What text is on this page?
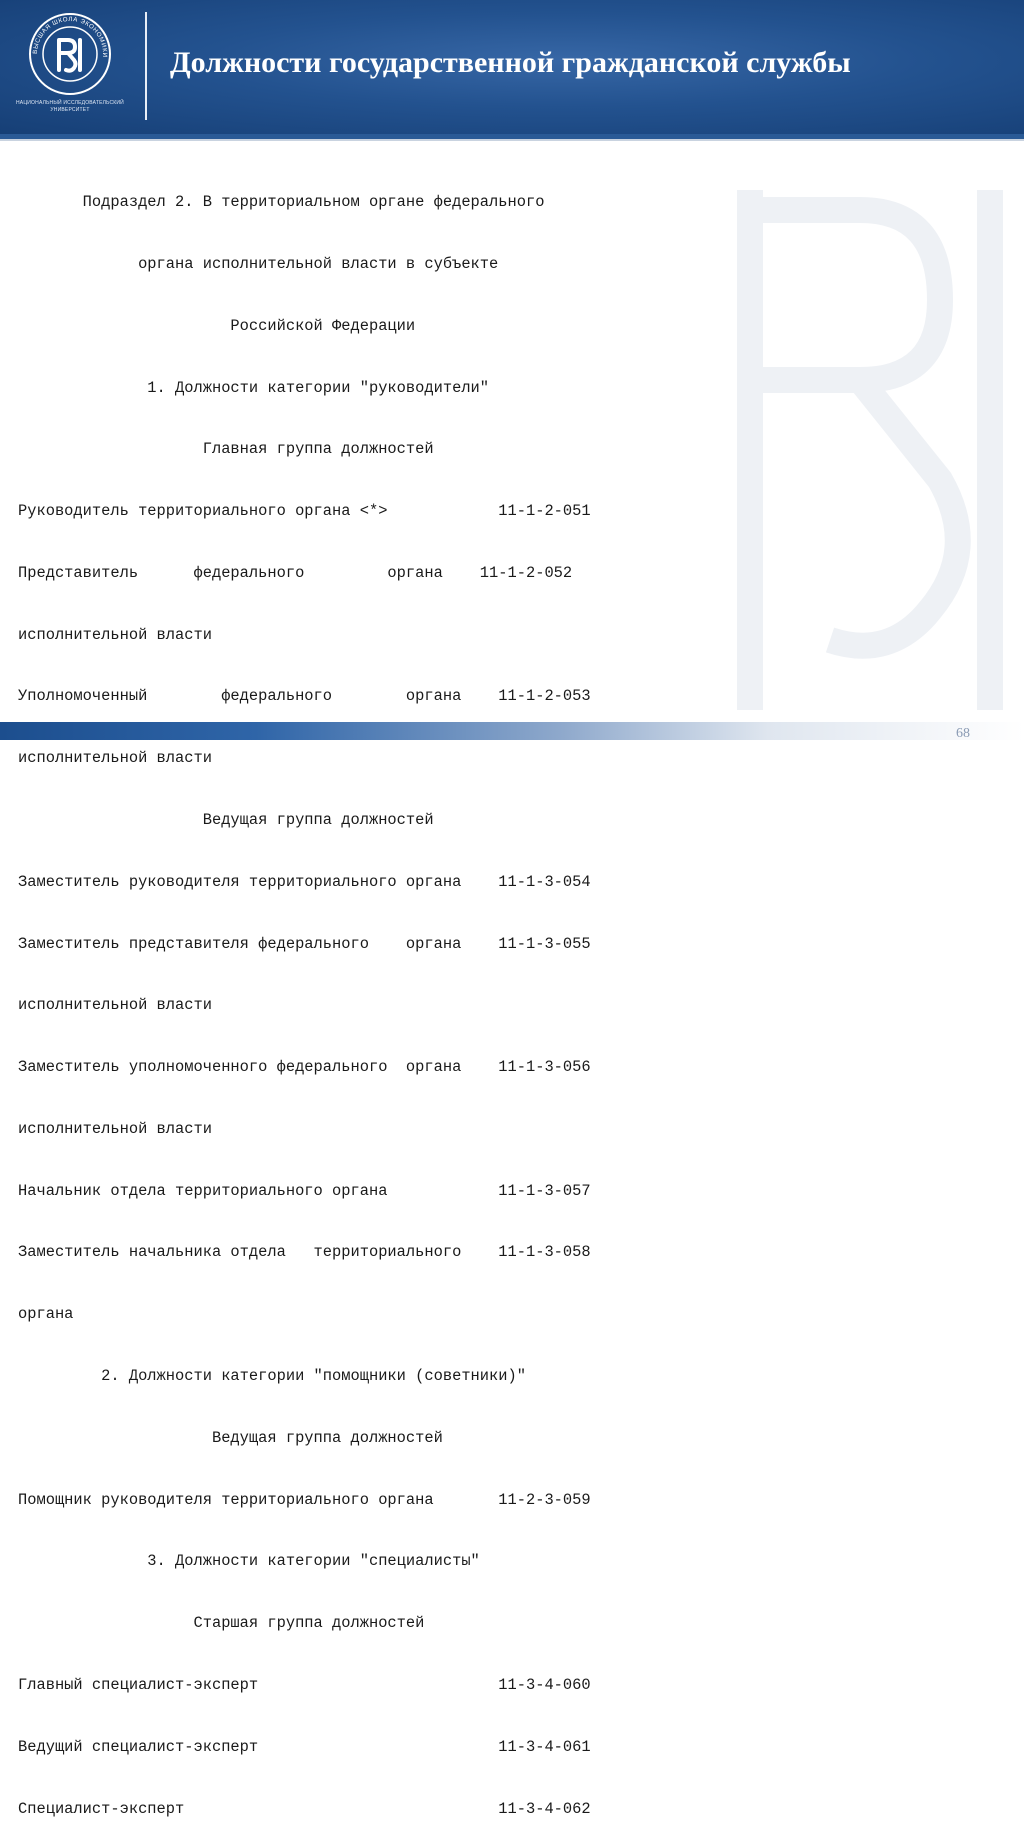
ВЫСШАЯ ШКОЛА ЭКОНОМИКИ
НАЦИОНАЛЬНЫЙ ИССЛЕДОВАТЕЛЬСКИЙ
УНИВЕРСИТЕТ
Должности государственной гражданской службы

Подраздел 2. В территориальном органе федерального

органа исполнительной власти в субъекте

Российской Федерации

1. Должности категории "руководители"

Главная группа должностей

Руководитель территориального органа <*>            11-1-2-051

Представитель      федерального         органа    11-1-2-052

исполнительной власти

Уполномоченный        федерального        органа    11-1-2-053

исполнительной власти

Ведущая группа должностей

Заместитель руководителя территориального органа    11-1-3-054

Заместитель представителя федерального    органа    11-1-3-055

исполнительной власти

Заместитель уполномоченного федерального  органа    11-1-3-056

исполнительной власти

Начальник отдела территориального органа            11-1-3-057

Заместитель начальника отдела   территориального    11-1-3-058

органа

2. Должности категории "помощники (советники)"

Ведущая группа должностей

Помощник руководителя территориального органа       11-2-3-059

3. Должности категории "специалисты"

Старшая группа должностей

Главный специалист-эксперт                          11-3-4-060

Ведущий специалист-эксперт                          11-3-4-061

Специалист-эксперт                                  11-3-4-062

68
